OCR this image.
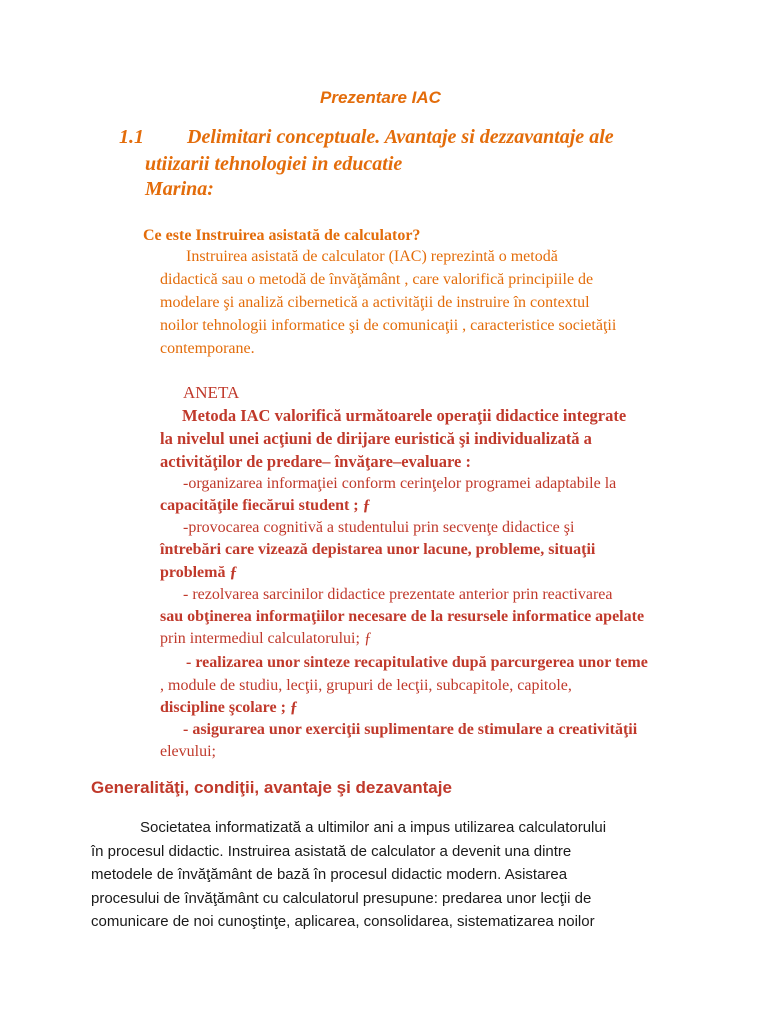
Prezentare IAC
1.1 Delimitari conceptuale. Avantaje si dezzavantaje ale
utiizarii tehnologiei in educatie
Marina:
Ce este Instruirea asistată de calculator?
Instruirea asistată de calculator (IAC) reprezintă o metodă
didactică sau o metodă de învăţământ , care valorifică principiile de
modelare şi analiză cibernetică a activităţii de instruire în contextul
noilor tehnologii informatice şi de comunicaţii , caracteristice societăţii
contemporane.
ANETA
Metoda IAC valorifică următoarele operaţii didactice integrate
la nivelul unei acţiuni de dirijare euristică şi individualizată a
activităţilor de predare– învăţare–evaluare :
-organizarea informaţiei conform cerinţelor programei adaptabile la
capacităţile fiecărui student ; ƒ
-provocarea cognitivă a studentului prin secvenţe didactice şi
întrebări care vizează depistarea unor lacune, probleme, situaţii
problemă ƒ
- rezolvarea sarcinilor didactice prezentate anterior prin reactivarea
sau obţinerea informaţiilor necesare de la resursele informatice apelate
prin intermediul calculatorului; ƒ
- realizarea unor sinteze recapitulative după parcurgerea unor teme
, module de studiu, lecţii, grupuri de lecţii, subcapitole, capitole,
discipline şcolare ; ƒ
- asigurarea unor exerciţii suplimentare de stimulare a creativităţii
elevului;
Generalităţi, condiţii, avantaje şi dezavantaje
Societatea informatizată a ultimilor ani a impus utilizarea calculatorului
în procesul didactic. Instruirea asistată de calculator a devenit una dintre
metodele de învăţământ de bază în procesul didactic modern. Asistarea
procesului de învăţământ cu calculatorul presupune: predarea unor lecţii de
comunicare de noi cunoştinţe, aplicarea, consolidarea, sistematizarea noilor
